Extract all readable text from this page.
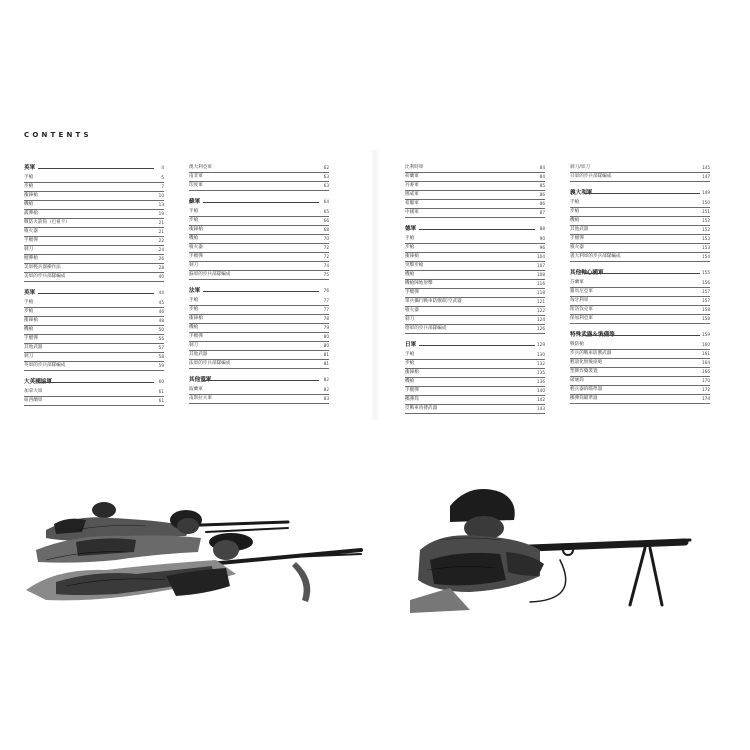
CONTENTS
英軍	4
手槍	5
步槍	7
衝鋒槍	10
機槍	13
霰彈槍	19
戰防火箭筒（巴祖卡）	21
噴火器	21
手榴彈	22
刺刀	24
榴彈槍	26
美軍輕兵器操作法	28
美軍的步兵部隊編成	40
英軍	44
手槍	45
步槍	46
衝鋒槍	48
機槍	50
手榴彈	56
其他武器	57
刺刀	58
英軍的步兵部隊編成	59
大英國協軍	60
加拿大軍	61
紐西蘭軍	61
澳大利亞軍	62
南非軍	63
印度軍	63
蘇軍	64
手槍	65
步槍	66
衝鋒槍	68
機槍	70
噴火器	72
手榴彈	72
刺刀	74
蘇軍的步兵部隊編成	75
法軍	76
手槍	77
步槍	77
衝鋒槍	78
機槍	79
手榴彈	80
刺刀	80
其他武器	81
法軍的步兵部隊編成	81
其他盟軍	82
波蘭軍	82
南斯拉夫軍	83
比利時軍	84
荷蘭軍	84
丹麥軍	85
挪威軍	86
希臘軍	86
中國軍	87
德軍	88
手槍	90
步槍	96
衝鋒槍	104
突擊步槍	107
機槍	108
機槍陣地射擊	116
手榴彈	118
單兵攜行戰車防禦/防空武器	121
噴火器	122
刺刀	124
德軍的步兵部隊編成	126
日軍	129
手槍	130
步槍	132
衝鋒槍	135
機槍	136
手榴彈	140
擲彈筒	142
反戰車肉搏武器	143
刺刀/軍刀	145
日軍的步兵部隊編成	147
義大利軍	149
手槍	150
步槍	151
機槍	152
其他武器	152
手榴彈	153
噴火器	153
義大利軍的步兵部隊編成	154
其他軸心國軍	155
芬蘭軍	156
羅馬尼亞軍	157
匈牙利軍	157
斯洛伐克軍	158
保加利亞軍	158
特殊武器＆裝備等	159
戰防槍	160
步兵的戰車防禦武器	161
輕量化無後座砲	164
塑膠炸藥裝置	166
破壞筒	170
輕兵器的瞄準器	172
擲彈筒瞄準器	174
